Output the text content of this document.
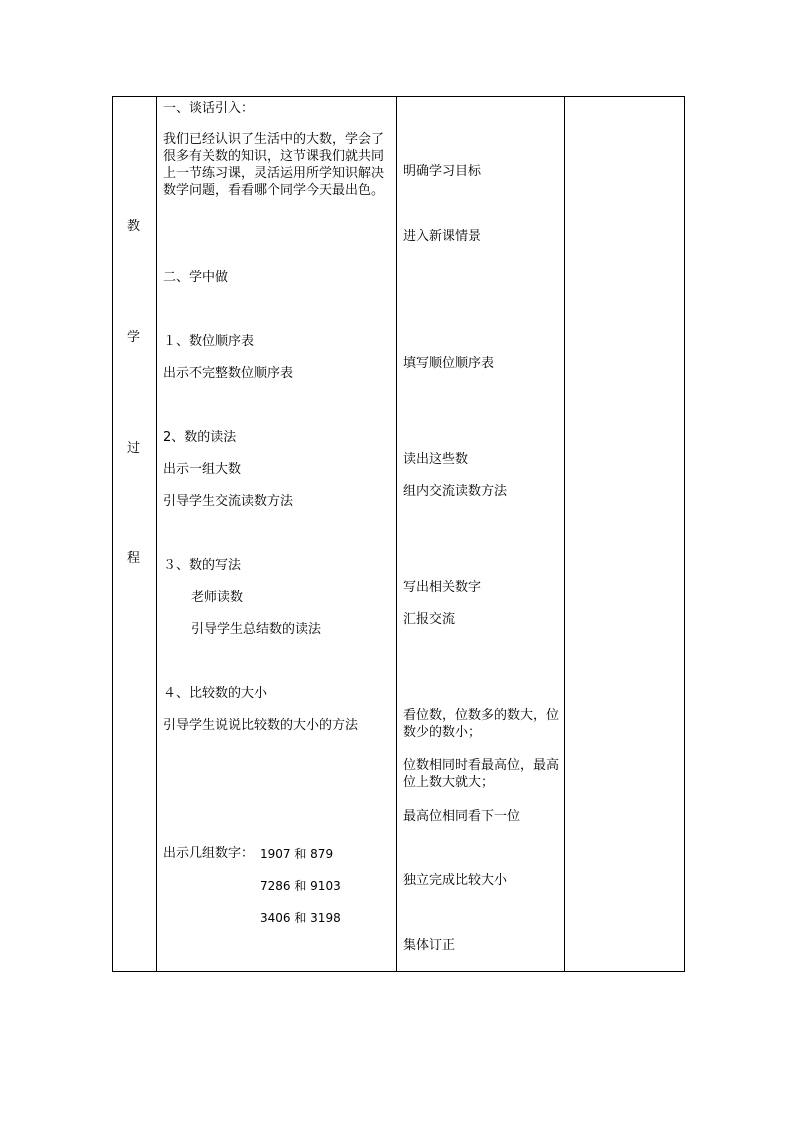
教
学
过
程
一、谈话引入：
我们已经认识了生活中的大数，学会了很多有关数的知识，这节课我们就共同上一节练习课，灵活运用所学知识解决数学问题，看看哪个同学今天最出色。
二、学中做
１、数位顺序表
出示不完整数位顺序表
2、数的读法
出示一组大数
引导学生交流读数方法
３、数的写法
老师读数
引导学生总结数的读法
４、比较数的大小
引导学生说说比较数的大小的方法
出示几组数字： 1907 和 879
7286 和 9103
3406 和 3198
明确学习目标
进入新课情景
填写顺位顺序表
读出这些数
组内交流读数方法
写出相关数字
汇报交流
看位数，位数多的数大，位数少的数小；
位数相同时看最高位，最高位上数大就大；
最高位相同看下一位
独立完成比较大小
集体订正
